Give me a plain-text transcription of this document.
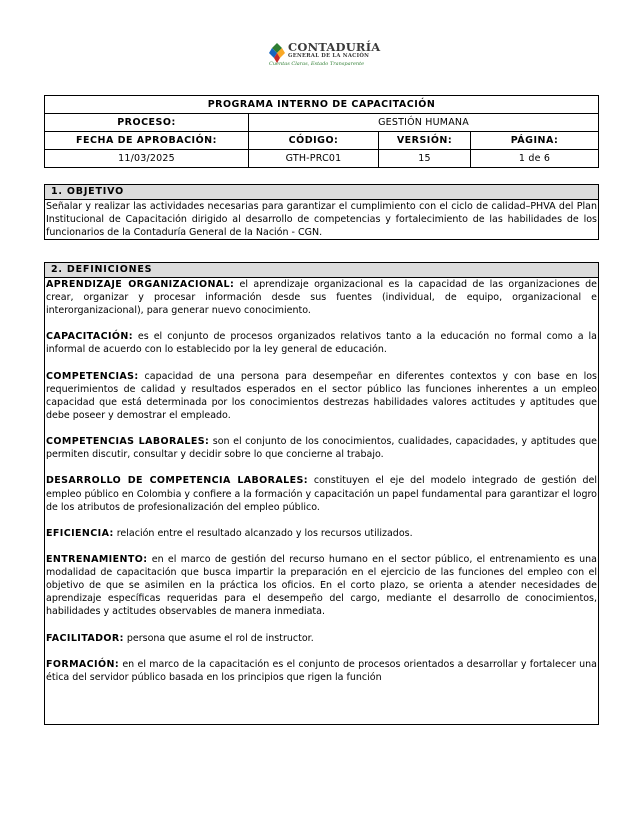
CONTADURÍA
GENERAL DE LA NACIÓN
Cuentas Claras, Estado Transparente
PROGRAMA INTERNO DE CAPACITACIÓN			
PROCESO:	GESTIÓN HUMANA		
FECHA DE APROBACIÓN:	CÓDIGO:	VERSIÓN:	PÁGINA:
11/03/2025	GTH-PRC01	15	1 de 6
1. OBJETIVO
Señalar y realizar las actividades necesarias para garantizar el cumplimiento con el ciclo de calidad–PHVA del Plan Institucional de Capacitación dirigido al desarrollo de competencias y fortalecimiento de las habilidades de los funcionarios de la Contaduría General de la Nación - CGN.
2. DEFINICIONES

APRENDIZAJE ORGANIZACIONAL: el aprendizaje organizacional es la capacidad de las organizaciones de crear, organizar y procesar información desde sus fuentes (individual, de equipo, organizacional e interorganizacional), para generar nuevo conocimiento.

CAPACITACIÓN: es el conjunto de procesos organizados relativos tanto a la educación no formal como a la informal de acuerdo con lo establecido por la ley general de educación.

COMPETENCIAS: capacidad de una persona para desempeñar en diferentes contextos y con base en los requerimientos de calidad y resultados esperados en el sector público las funciones inherentes a un empleo capacidad que está determinada por los conocimientos destrezas habilidades valores actitudes y aptitudes que debe poseer y demostrar el empleado.

COMPETENCIAS LABORALES: son el conjunto de los conocimientos, cualidades, capacidades, y aptitudes que permiten discutir, consultar y decidir sobre lo que concierne al trabajo.

DESARROLLO DE COMPETENCIA LABORALES: constituyen el eje del modelo integrado de gestión del empleo público en Colombia y confiere a la formación y capacitación un papel fundamental para garantizar el logro de los atributos de profesionalización del empleo público.

EFICIENCIA: relación entre el resultado alcanzado y los recursos utilizados.

ENTRENAMIENTO: en el marco de gestión del recurso humano en el sector público, el entrenamiento es una modalidad de capacitación que busca impartir la preparación en el ejercicio de las funciones del empleo con el objetivo de que se asimilen en la práctica los oficios. En el corto plazo, se orienta a atender necesidades de aprendizaje específicas requeridas para el desempeño del cargo, mediante el desarrollo de conocimientos, habilidades y actitudes observables de manera inmediata.

FACILITADOR: persona que asume el rol de instructor.

FORMACIÓN: en el marco de la capacitación es el conjunto de procesos orientados a desarrollar y fortalecer una ética del servidor público basada en los principios que rigen la función
